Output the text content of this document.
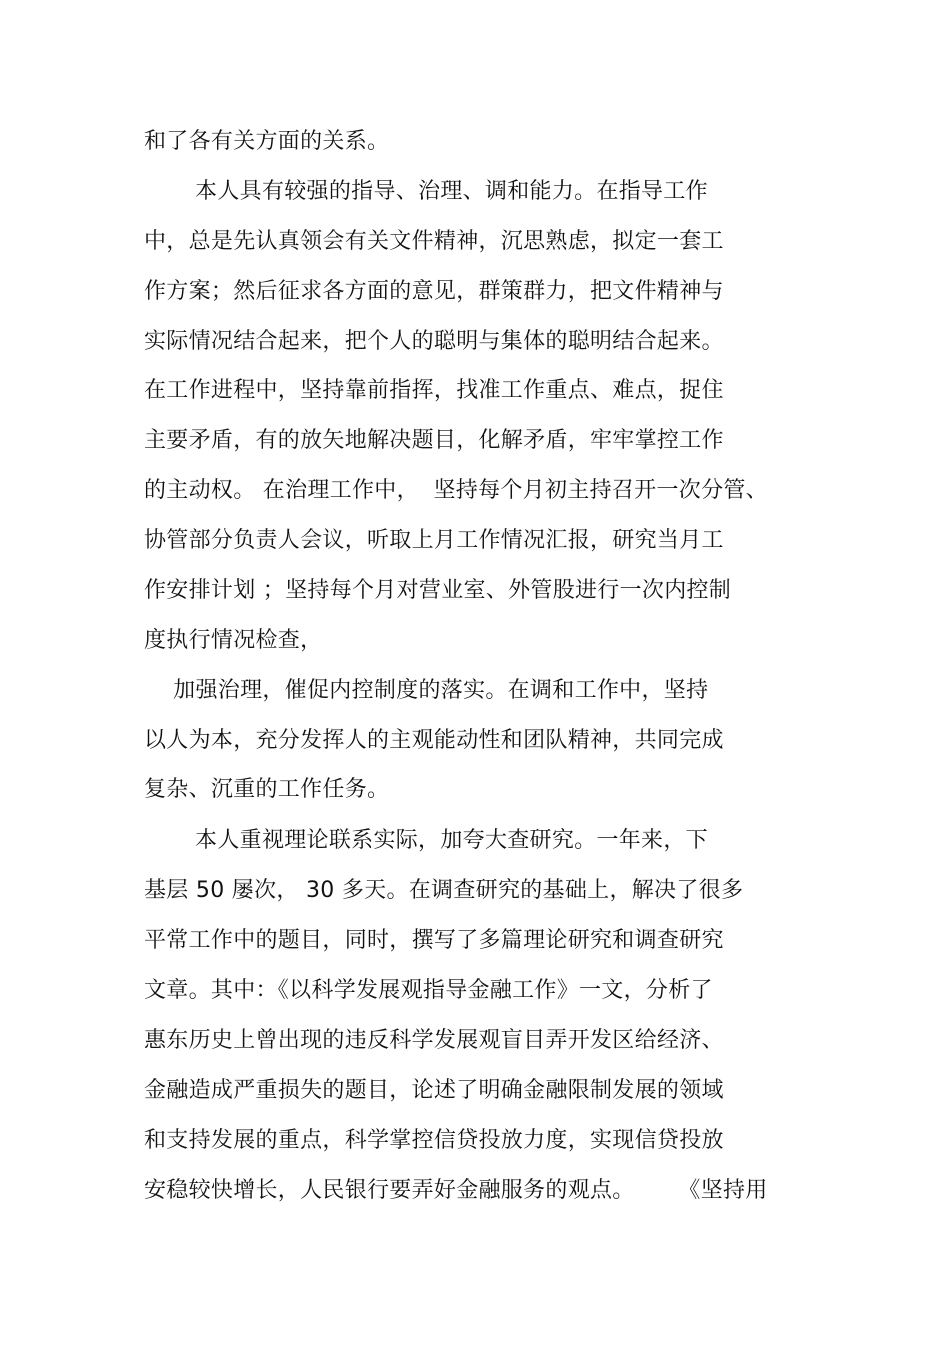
和了各有关方面的关系。
本人具有较强的指导、治理、调和能力。在指导工作
中，总是先认真领会有关文件精神，沉思熟虑，拟定一套工
作方案；然后征求各方面的意见，群策群力，把文件精神与
实际情况结合起来，把个人的聪明与集体的聪明结合起来。
在工作进程中，坚持靠前指挥，找准工作重点、难点，捉住
主要矛盾，有的放矢地解决题目，化解矛盾，牢牢掌控工作
的主动权。 在治理工作中，  坚持每个月初主持召开一次分管、
协管部分负责人会议，听取上月工作情况汇报，研究当月工
作安排计划 ；坚持每个月对营业室、外管股进行一次内控制
度执行情况检查，
加强治理，催促内控制度的落实。在调和工作中，坚持
以人为本，充分发挥人的主观能动性和团队精神，共同完成
复杂、沉重的工作任务。
本人重视理论联系实际，加夸大查研究。一年来，下
基层 50 屡次， 30 多天。在调查研究的基础上，解决了很多
平常工作中的题目，同时，撰写了多篇理论研究和调查研究
文章。其中：《以科学发展观指导金融工作》一文，分析了
惠东历史上曾出现的违反科学发展观盲目弄开发区给经济、
金融造成严重损失的题目，论述了明确金融限制发展的领域
和支持发展的重点，科学掌控信贷投放力度，实现信贷投放
安稳较快增长，人民银行要弄好金融服务的观点。      《坚持用
